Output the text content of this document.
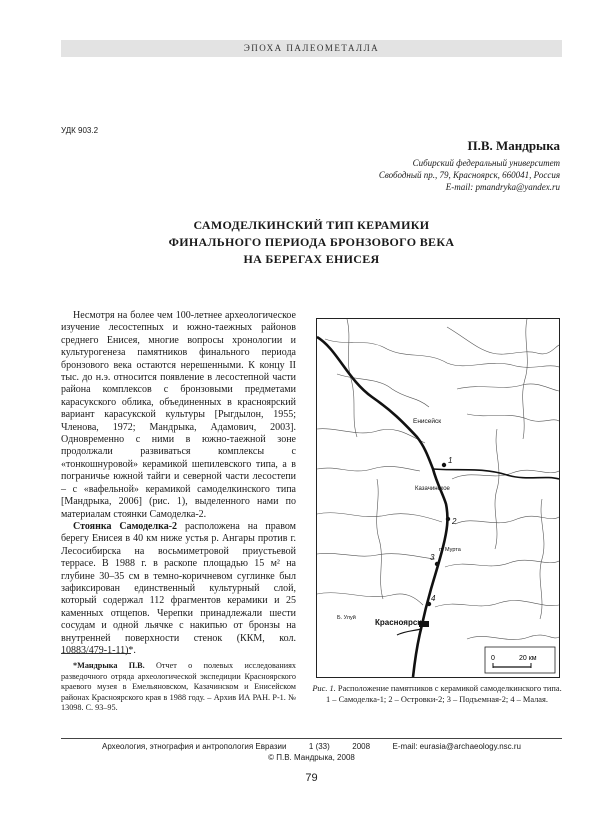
ЭПОХА ПАЛЕОМЕТАЛЛА
УДК 903.2
П.В. Мандрыка
Сибирский федеральный университет
Свободный пр., 79, Красноярск, 660041, Россия
E-mail: pmandryka@yandex.ru
САМОДЕЛКИНСКИЙ ТИП КЕРАМИКИ
ФИНАЛЬНОГО ПЕРИОДА БРОНЗОВОГО ВЕКА
НА БЕРЕГАХ ЕНИСЕЯ

Несмотря на более чем 100-летнее археологическое изучение лесостепных и южно-таежных районов среднего Енисея, многие вопросы хронологии и культурогенеза памятников финального периода бронзового века остаются нерешенными. К концу II тыс. до н.э. относится появление в лесостепной части района комплексов с бронзовыми предметами карасукского облика, объединенных в красноярский вариант карасукской культуры [Рыгдылон, 1955; Членова, 1972; Мандрыка, Адамович, 2003]. Одновременно с ними в южно-таежной зоне продолжали развиваться комплексы с «тонкошнуровой» керамикой шепилевского типа, а в пограничье южной тайги и северной части лесостепи – с «вафельной» керамикой самоделкинского типа [Мандрыка, 2006] (рис. 1), выделенного нами по материалам стоянки Самоделка-2.

Стоянка Самоделка-2 расположена на правом берегу Енисея в 40 км ниже устья р. Ангары против г. Лесосибирска на восьмиметровой приустьевой террасе. В 1988 г. в раскопе площадью 15 м² на глубине 30–35 см в темно-коричневом суглинке был зафиксирован единственный культурный слой, который содержал 112 фрагментов керамики и 25 каменных отщепов. Черепки принадлежали шести сосудам и одной льячке с накипью от бронзы на внутренней поверхности стенок (ККМ, кол. 10883/479-1-11)*.

*Мандрыка П.В. Отчет о полевых исследованиях разведочного отряда археологической экспедиции Красноярского краевого музея в Емельяновском, Казачинском и Енисейском районах Красноярского края в 1988 году. – Архив ИА РАН. Р-1. № 13098. С. 93–95.
Енисейск
Казачинское
п. Мурта
Б. Улуй Красноярск
1
2
3
4
0	20 км
Рис. 1. Расположение памятников с керамикой самоделкинского типа.
1 – Самоделка-1; 2 – Островки-2; 3 – Подъемная-2; 4 – Малая.
Археология, этнография и антропология Евразии	1 (33)	2008	E-mail: eurasia@archaeology.nsc.ru
© П.В. Мандрыка, 2008
79
